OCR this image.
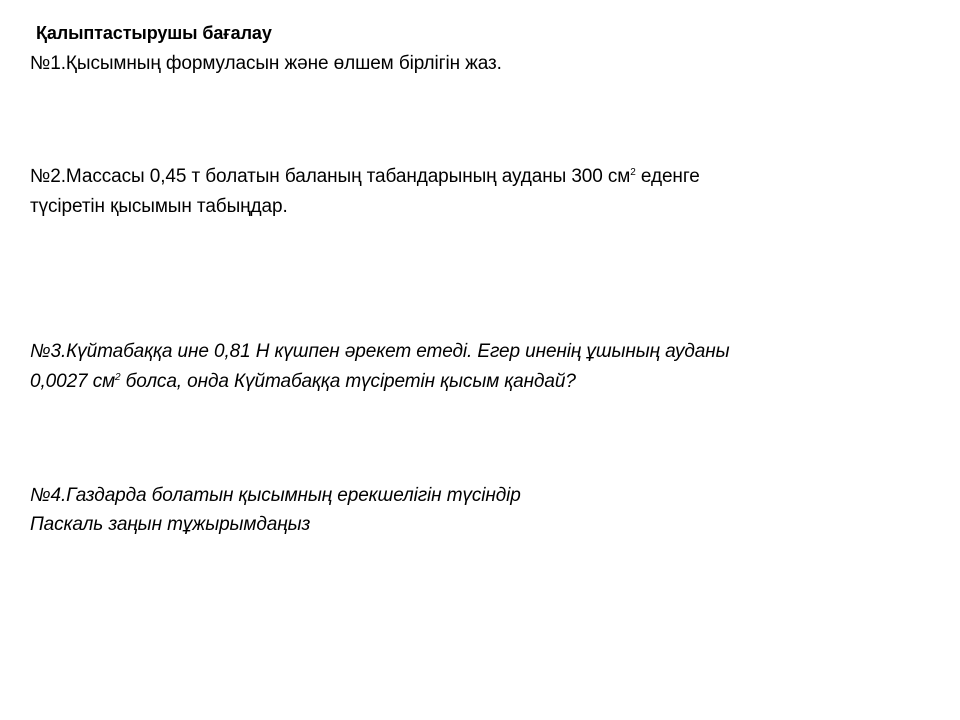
Қалыптастырушы бағалау
№1.Қысымның формуласын және өлшем бірлігін жаз.
№2.Массасы 0,45 т болатын баланың табандарының ауданы 300 $см^2$ еденге
түсіретін қысымын табыңдар.
№3.Күйтабаққа ине 0,81 Н күшпен әрекет етеді. Егер иненің ұшының ауданы
0,0027 $см^2$ болса, онда Күйтабаққа түсіретін қысым қандай?
№4.Газдарда болатын қысымның ерекшелігін түсіндір
Паскаль заңын тұжырымдаңыз
